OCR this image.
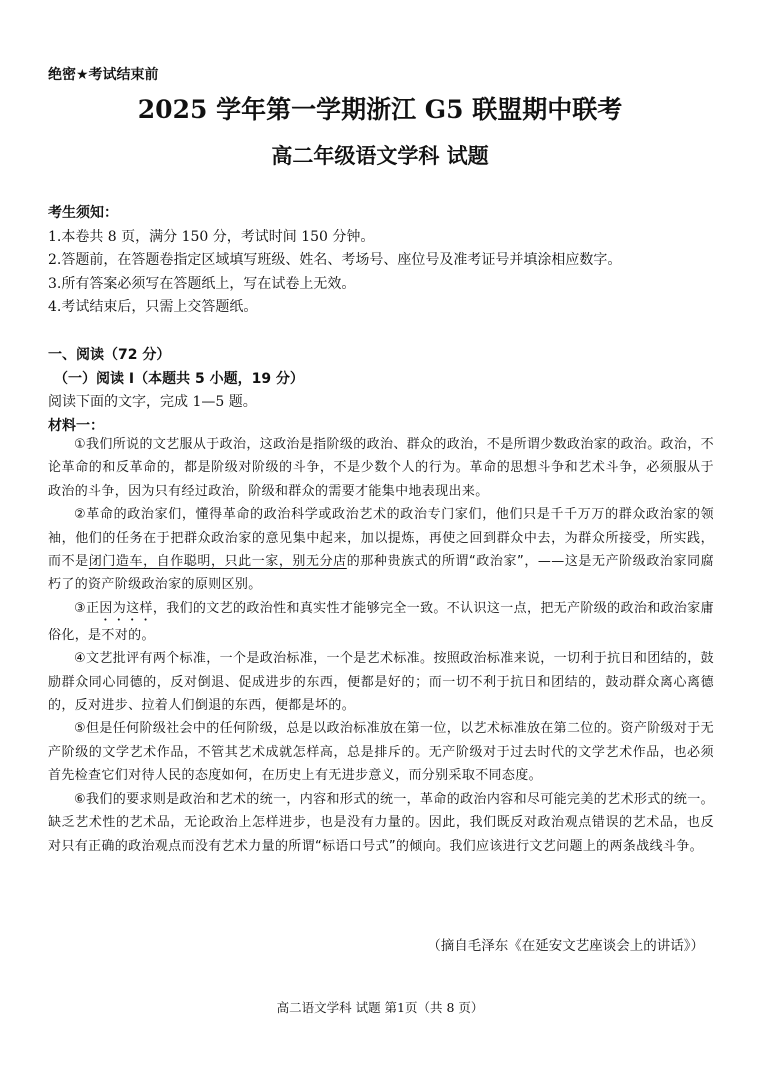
绝密★考试结束前
2025 学年第一学期浙江 G5 联盟期中联考
高二年级语文学科 试题
考生须知：
1.本卷共 8 页，满分 150 分，考试时间 150 分钟。
2.答题前，在答题卷指定区域填写班级、姓名、考场号、座位号及准考证号并填涂相应数字。
3.所有答案必须写在答题纸上，写在试卷上无效。
4.考试结束后，只需上交答题纸。
一、阅读（72 分）
（一）阅读 I（本题共 5 小题，19 分）
阅读下面的文字，完成 1—5 题。
材料一：

①我们所说的文艺服从于政治，这政治是指阶级的政治、群众的政治，不是所谓少数政治家的政治。政治，不论革命的和反革命的，都是阶级对阶级的斗争，不是少数个人的行为。革命的思想斗争和艺术斗争，必须服从于政治的斗争，因为只有经过政治，阶级和群众的需要才能集中地表现出来。

②革命的政治家们，懂得革命的政治科学或政治艺术的政治专门家们，他们只是千千万万的群众政治家的领袖，他们的任务在于把群众政治家的意见集中起来，加以提炼，再使之回到群众中去，为群众所接受，所实践，而不是闭门造车，自作聪明，只此一家，别无分店的那种贵族式的所谓“政治家”，——这是无产阶级政治家同腐朽了的资产阶级政治家的原则区别。

③正因为这样，我们的文艺的政治性和真实性才能够完全一致。不认识这一点，把无产阶级的政治和政治家庸俗化，是不对的。

④文艺批评有两个标准，一个是政治标准，一个是艺术标准。按照政治标准来说，一切利于抗日和团结的，鼓励群众同心同德的，反对倒退、促成进步的东西，便都是好的；而一切不利于抗日和团结的，鼓动群众离心离德的，反对进步、拉着人们倒退的东西，便都是坏的。

⑤但是任何阶级社会中的任何阶级，总是以政治标准放在第一位，以艺术标准放在第二位的。资产阶级对于无产阶级的文学艺术作品，不管其艺术成就怎样高，总是排斥的。无产阶级对于过去时代的文学艺术作品，也必须首先检查它们对待人民的态度如何，在历史上有无进步意义，而分别采取不同态度。

⑥我们的要求则是政治和艺术的统一，内容和形式的统一，革命的政治内容和尽可能完美的艺术形式的统一。缺乏艺术性的艺术品，无论政治上怎样进步，也是没有力量的。因此，我们既反对政治观点错误的艺术品，也反对只有正确的政治观点而没有艺术力量的所谓“标语口号式”的倾向。我们应该进行文艺问题上的两条战线斗争。

（摘自毛泽东《在延安文艺座谈会上的讲话》）
高二语文学科 试题 第1页（共 8 页）
